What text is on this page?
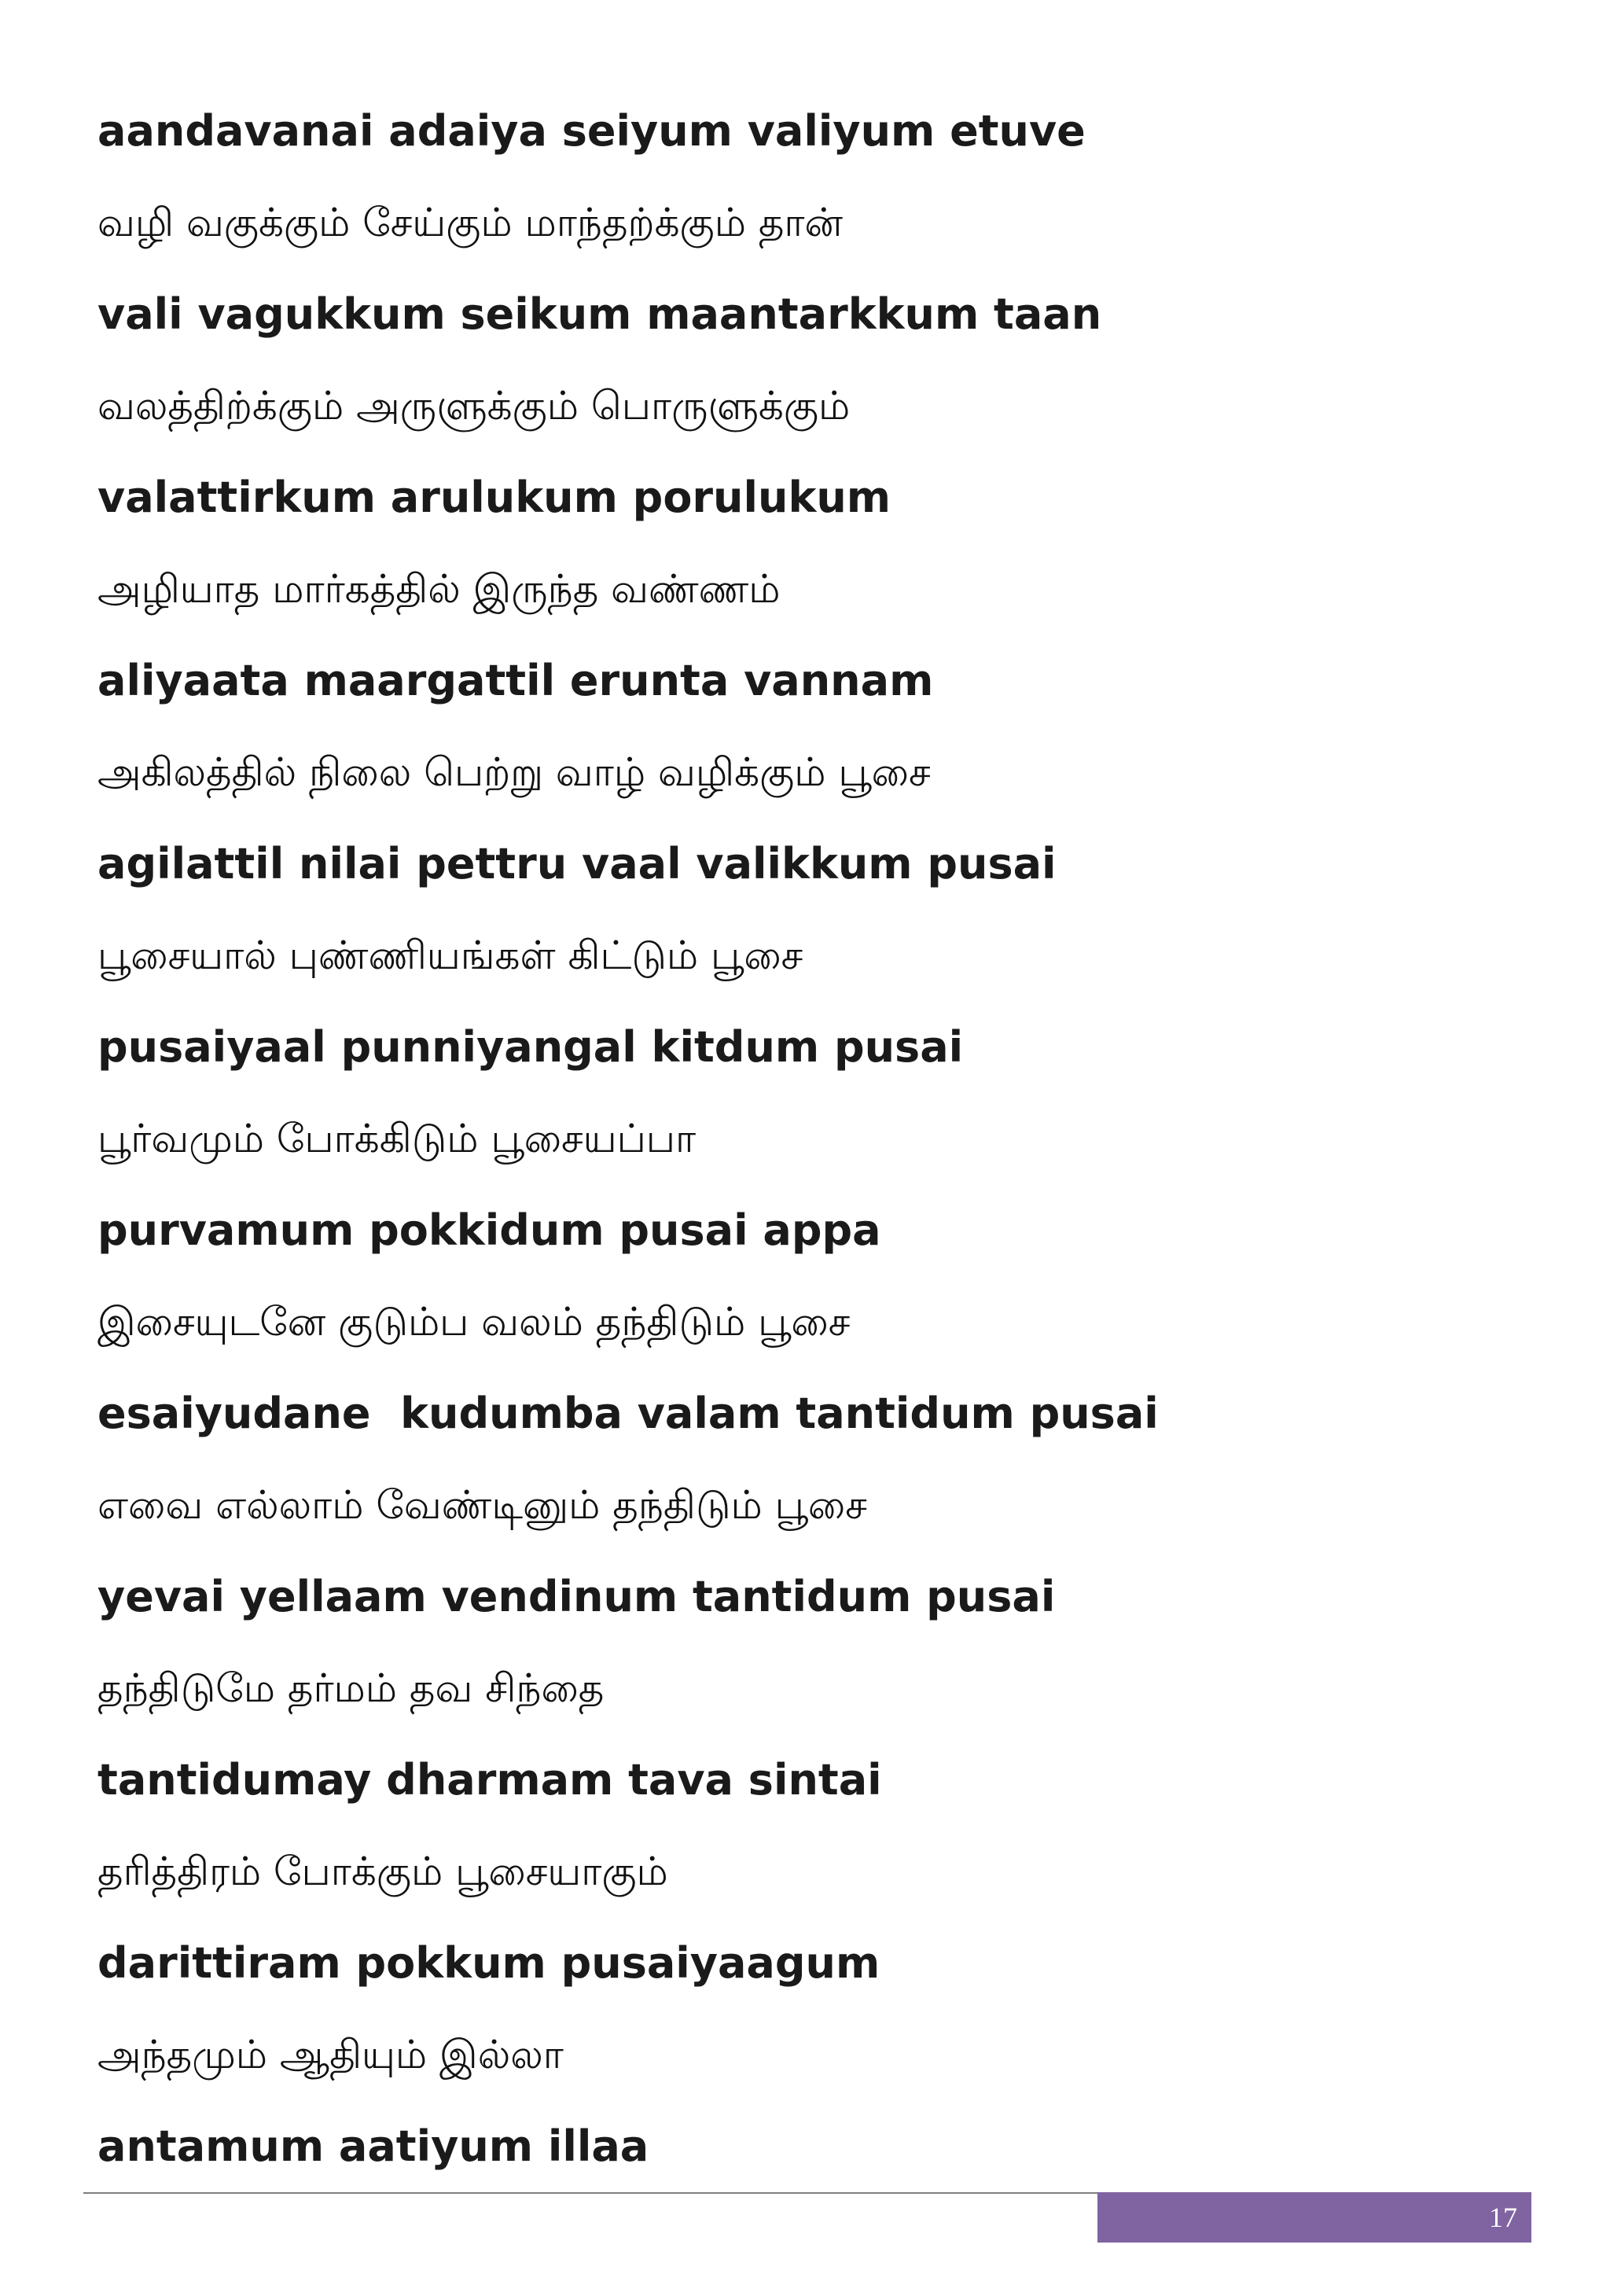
aandavanai adaiya seiyum valiyum etuve
வழி வகுக்கும் சேய்கும் மாந்தற்க்கும் தான்
vali vagukkum seikum maantarkkum taan
வலத்திற்க்கும் அருளுக்கும் பொருளுக்கும்
valattirkum arulukum porulukum
அழியாத மார்கத்தில் இருந்த வண்ணம்
aliyaata maargattil erunta vannam
அகிலத்தில் நிலை பெற்று வாழ் வழிக்கும் பூசை
agilattil nilai pettru vaal valikkum pusai
பூசையால் புண்ணியங்கள் கிட்டும் பூசை
pusaiyaal punniyangal kitdum pusai
பூர்வமும் போக்கிடும் பூசையப்பா
purvamum pokkidum pusai appa
இசையுடனே குடும்ப வலம் தந்திடும் பூசை
esaiyudane  kudumba valam tantidum pusai
எவை எல்லாம் வேண்டினும் தந்திடும் பூசை
yevai yellaam vendinum tantidum pusai
தந்திடுமே தர்மம் தவ சிந்தை
tantidumay dharmam tava sintai
தரித்திரம் போக்கும் பூசையாகும்
darittiram pokkum pusaiyaagum
அந்தமும் ஆதியும் இல்லா
antamum aatiyum illaa
17
